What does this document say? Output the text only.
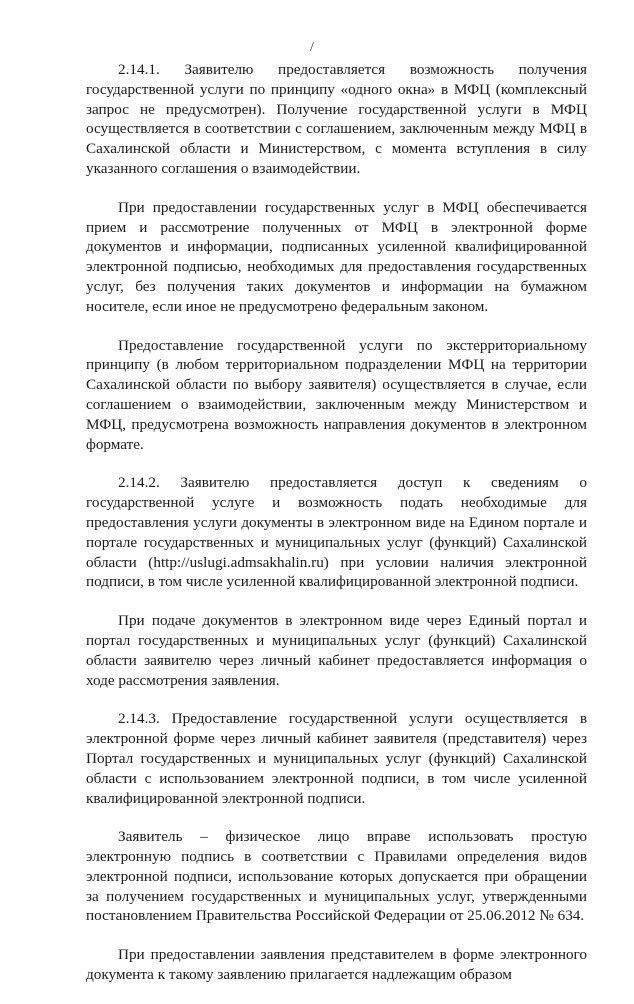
/

2.14.1. Заявителю предоставляется возможность получения государственной услуги по принципу «одного окна» в МФЦ (комплексный запрос не предусмотрен). Получение государственной услуги в МФЦ осуществляется в соответствии с соглашением, заключенным между МФЦ в Сахалинской области и Министерством, с момента вступления в силу указанного соглашения о взаимодействии.

При предоставлении государственных услуг в МФЦ обеспечивается прием и рассмотрение полученных от МФЦ в электронной форме документов и информации, подписанных усиленной квалифицированной электронной подписью, необходимых для предоставления государственных услуг, без получения таких документов и информации на бумажном носителе, если иное не предусмотрено федеральным законом.

Предоставление государственной услуги по экстерриториальному принципу (в любом территориальном подразделении МФЦ на территории Сахалинской области по выбору заявителя) осуществляется в случае, если соглашением о взаимодействии, заключенным между Министерством и МФЦ, предусмотрена возможность направления документов в электронном формате.

2.14.2. Заявителю предоставляется доступ к сведениям о государственной услуге и возможность подать необходимые для предоставления услуги документы в электронном виде на Едином портале и портале государственных и муниципальных услуг (функций) Сахалинской области (http://uslugi.admsakhalin.ru) при условии наличия электронной подписи, в том числе усиленной квалифицированной электронной подписи.

При подаче документов в электронном виде через Единый портал и портал государственных и муниципальных услуг (функций) Сахалинской области заявителю через личный кабинет предоставляется информация о ходе рассмотрения заявления.

2.14.3. Предоставление государственной услуги осуществляется в электронной форме через личный кабинет заявителя (представителя) через Портал государственных и муниципальных услуг (функций) Сахалинской области с использованием электронной подписи, в том числе усиленной квалифицированной электронной подписи.

Заявитель – физическое лицо вправе использовать простую электронную подпись в соответствии с Правилами определения видов электронной подписи, использование которых допускается при обращении за получением государственных и муниципальных услуг, утвержденными постановлением Правительства Российской Федерации от 25.06.2012 № 634.

При предоставлении заявления представителем в форме электронного документа к такому заявлению прилагается надлежащим образом
